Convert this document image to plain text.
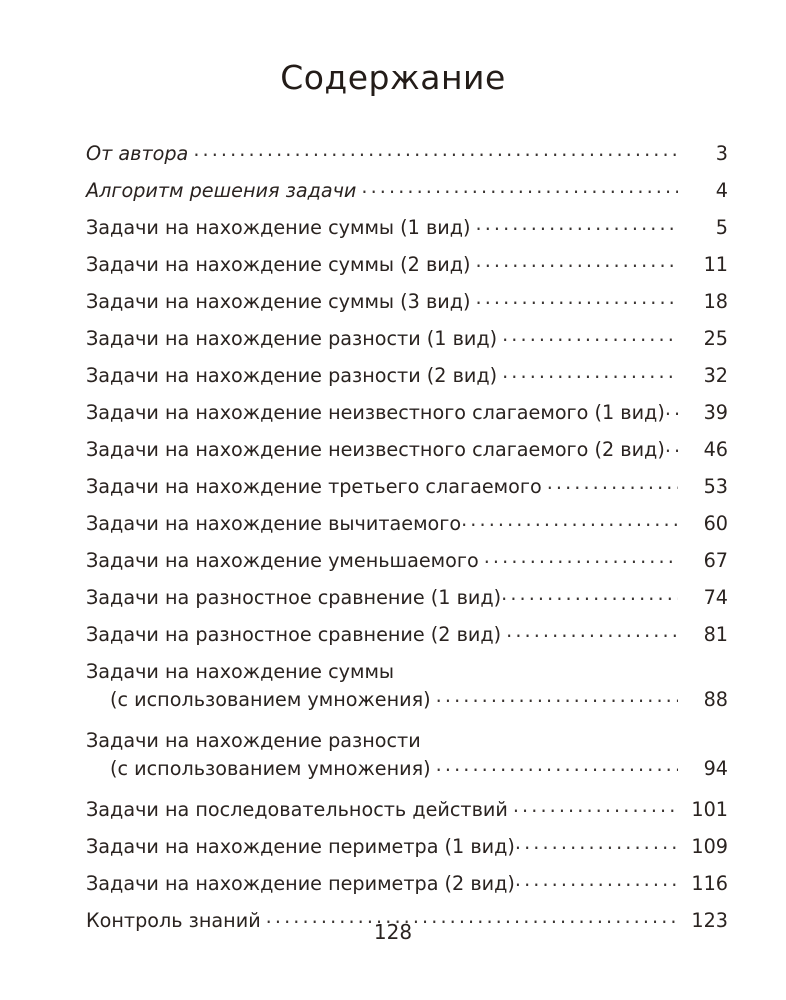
Содержание
От автора .....	3
Алгоритм решения задачи .....	4
Задачи на нахождение суммы (1 вид) .....	5
Задачи на нахождение суммы (2 вид) .....	11
Задачи на нахождение суммы (3 вид) .....	18
Задачи на нахождение разности (1 вид) .....	25
Задачи на нахождение разности (2 вид) .....	32
Задачи на нахождение неизвестного слагаемого (1 вид) .....	39
Задачи на нахождение неизвестного слагаемого (2 вид) .....	46
Задачи на нахождение третьего слагаемого .....	53
Задачи на нахождение вычитаемого .....	60
Задачи на нахождение уменьшаемого .....	67
Задачи на разностное сравнение (1 вид) .....	74
Задачи на разностное сравнение (2 вид) .....	81
Задачи на нахождение суммы
(с использованием умножения) .....	88
Задачи на нахождение разности
(с использованием умножения) .....	94
Задачи на последовательность действий .....	101
Задачи на нахождение периметра (1 вид) .....	109
Задачи на нахождение периметра (2 вид) .....	116
Контроль знаний .....	123
128
